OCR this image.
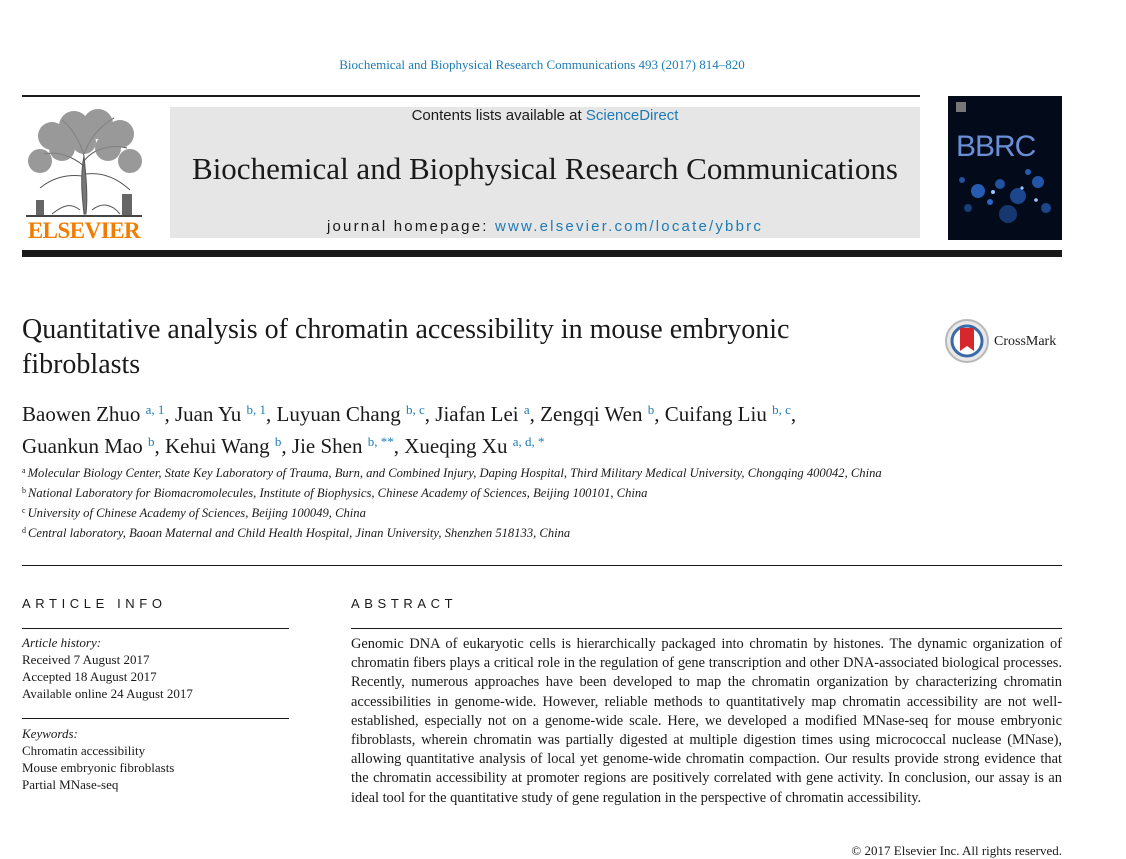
Biochemical and Biophysical Research Communications 493 (2017) 814–820
ELSEVIER
Contents lists available at ScienceDirect
Biochemical and Biophysical Research Communications
journal homepage: www.elsevier.com/locate/ybbrc
BBRC
Quantitative analysis of chromatin accessibility in mouse embryonic
fibroblasts
CrossMark
Baowen Zhuo $^{a, 1}$, Juan Yu $^{b, 1}$, Luyuan Chang $^{b, c}$, Jiafan Lei $^a$, Zengqi Wen $^b$, Cuifang Liu $^{b, c}$,
Guankun Mao $^b$, Kehui Wang $^b$, Jie Shen $^{b, **}$, Xueqing Xu $^{a, d, *}$
$^a$ Molecular Biology Center, State Key Laboratory of Trauma, Burn, and Combined Injury, Daping Hospital, Third Military Medical University, Chongqing 400042, China
$^b$ National Laboratory for Biomacromolecules, Institute of Biophysics, Chinese Academy of Sciences, Beijing 100101, China
$^c$ University of Chinese Academy of Sciences, Beijing 100049, China
$^d$ Central laboratory, Baoan Maternal and Child Health Hospital, Jinan University, Shenzhen 518133, China
ARTICLE INFO
Article history:
Received 7 August 2017
Accepted 18 August 2017
Available online 24 August 2017
Keywords:
Chromatin accessibility
Mouse embryonic fibroblasts
Partial MNase-seq
ABSTRACT
Genomic DNA of eukaryotic cells is hierarchically packaged into chromatin by histones. The dynamic organization of chromatin fibers plays a critical role in the regulation of gene transcription and other DNA-associated biological processes. Recently, numerous approaches have been developed to map the chromatin organization by characterizing chromatin accessibilities in genome-wide. However, reliable methods to quantitatively map chromatin accessibility are not well-established, especially not on a genome-wide scale. Here, we developed a modified MNase-seq for mouse embryonic fibroblasts, wherein chromatin was partially digested at multiple digestion times using micrococcal nuclease (MNase), allowing quantitative analysis of local yet genome-wide chromatin compaction. Our results provide strong evidence that the chromatin accessibility at promoter regions are positively correlated with gene activity. In conclusion, our assay is an ideal tool for the quantitative study of gene regulation in the perspective of chromatin accessibility.
© 2017 Elsevier Inc. All rights reserved.
